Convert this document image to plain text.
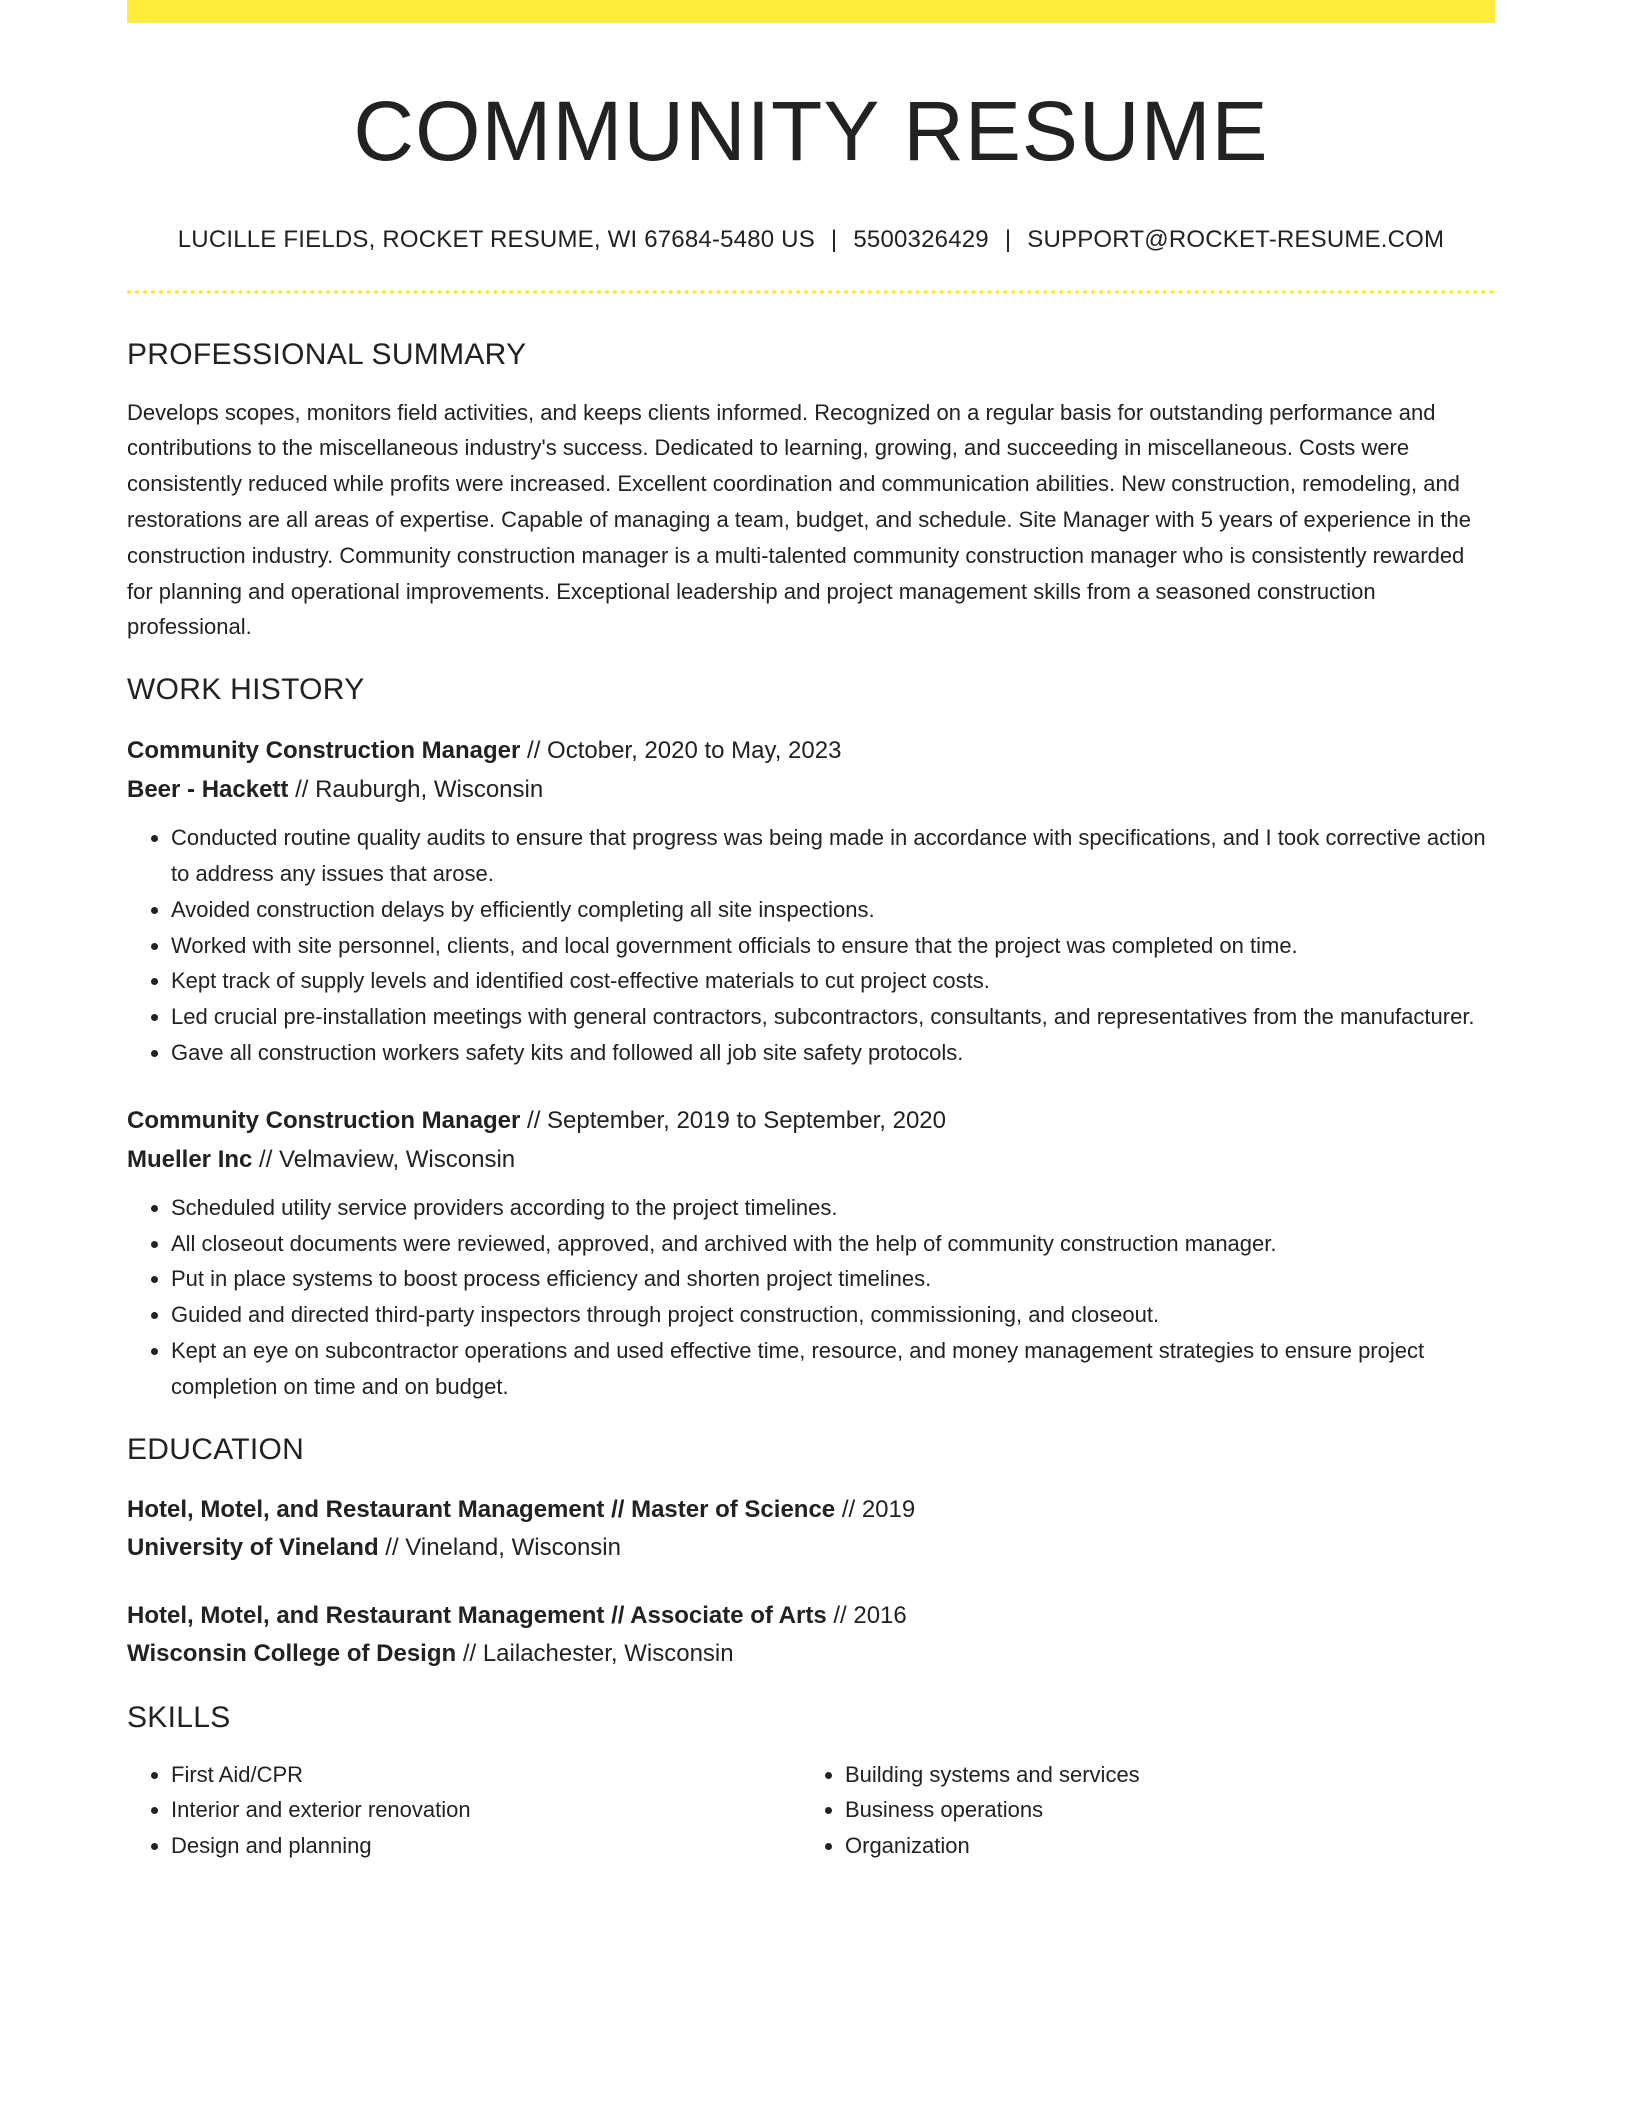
COMMUNITY RESUME
LUCILLE FIELDS, ROCKET RESUME, WI 67684-5480 US | 5500326429 | SUPPORT@ROCKET-RESUME.COM
PROFESSIONAL SUMMARY

Develops scopes, monitors field activities, and keeps clients informed. Recognized on a regular basis for outstanding performance and contributions to the miscellaneous industry's success. Dedicated to learning, growing, and succeeding in miscellaneous. Costs were consistently reduced while profits were increased. Excellent coordination and communication abilities. New construction, remodeling, and restorations are all areas of expertise. Capable of managing a team, budget, and schedule. Site Manager with 5 years of experience in the construction industry. Community construction manager is a multi-talented community construction manager who is consistently rewarded for planning and operational improvements. Exceptional leadership and project management skills from a seasoned construction professional.

WORK HISTORY
Community Construction Manager // October, 2020 to May, 2023
Beer - Hackett // Rauburgh, Wisconsin
• Conducted routine quality audits to ensure that progress was being made in accordance with specifications, and I took corrective action to address any issues that arose.
• Avoided construction delays by efficiently completing all site inspections.
• Worked with site personnel, clients, and local government officials to ensure that the project was completed on time.
• Kept track of supply levels and identified cost-effective materials to cut project costs.
• Led crucial pre-installation meetings with general contractors, subcontractors, consultants, and representatives from the manufacturer.
• Gave all construction workers safety kits and followed all job site safety protocols.
Community Construction Manager // September, 2019 to September, 2020
Mueller Inc // Velmaview, Wisconsin
• Scheduled utility service providers according to the project timelines.
• All closeout documents were reviewed, approved, and archived with the help of community construction manager.
• Put in place systems to boost process efficiency and shorten project timelines.
• Guided and directed third-party inspectors through project construction, commissioning, and closeout.
• Kept an eye on subcontractor operations and used effective time, resource, and money management strategies to ensure project completion on time and on budget.
EDUCATION
Hotel, Motel, and Restaurant Management // Master of Science // 2019
University of Vineland // Vineland, Wisconsin
Hotel, Motel, and Restaurant Management // Associate of Arts // 2016
Wisconsin College of Design // Lailachester, Wisconsin
SKILLS
• First Aid/CPR
• Interior and exterior renovation
• Design and planning
• Building systems and services
• Business operations
• Organization
